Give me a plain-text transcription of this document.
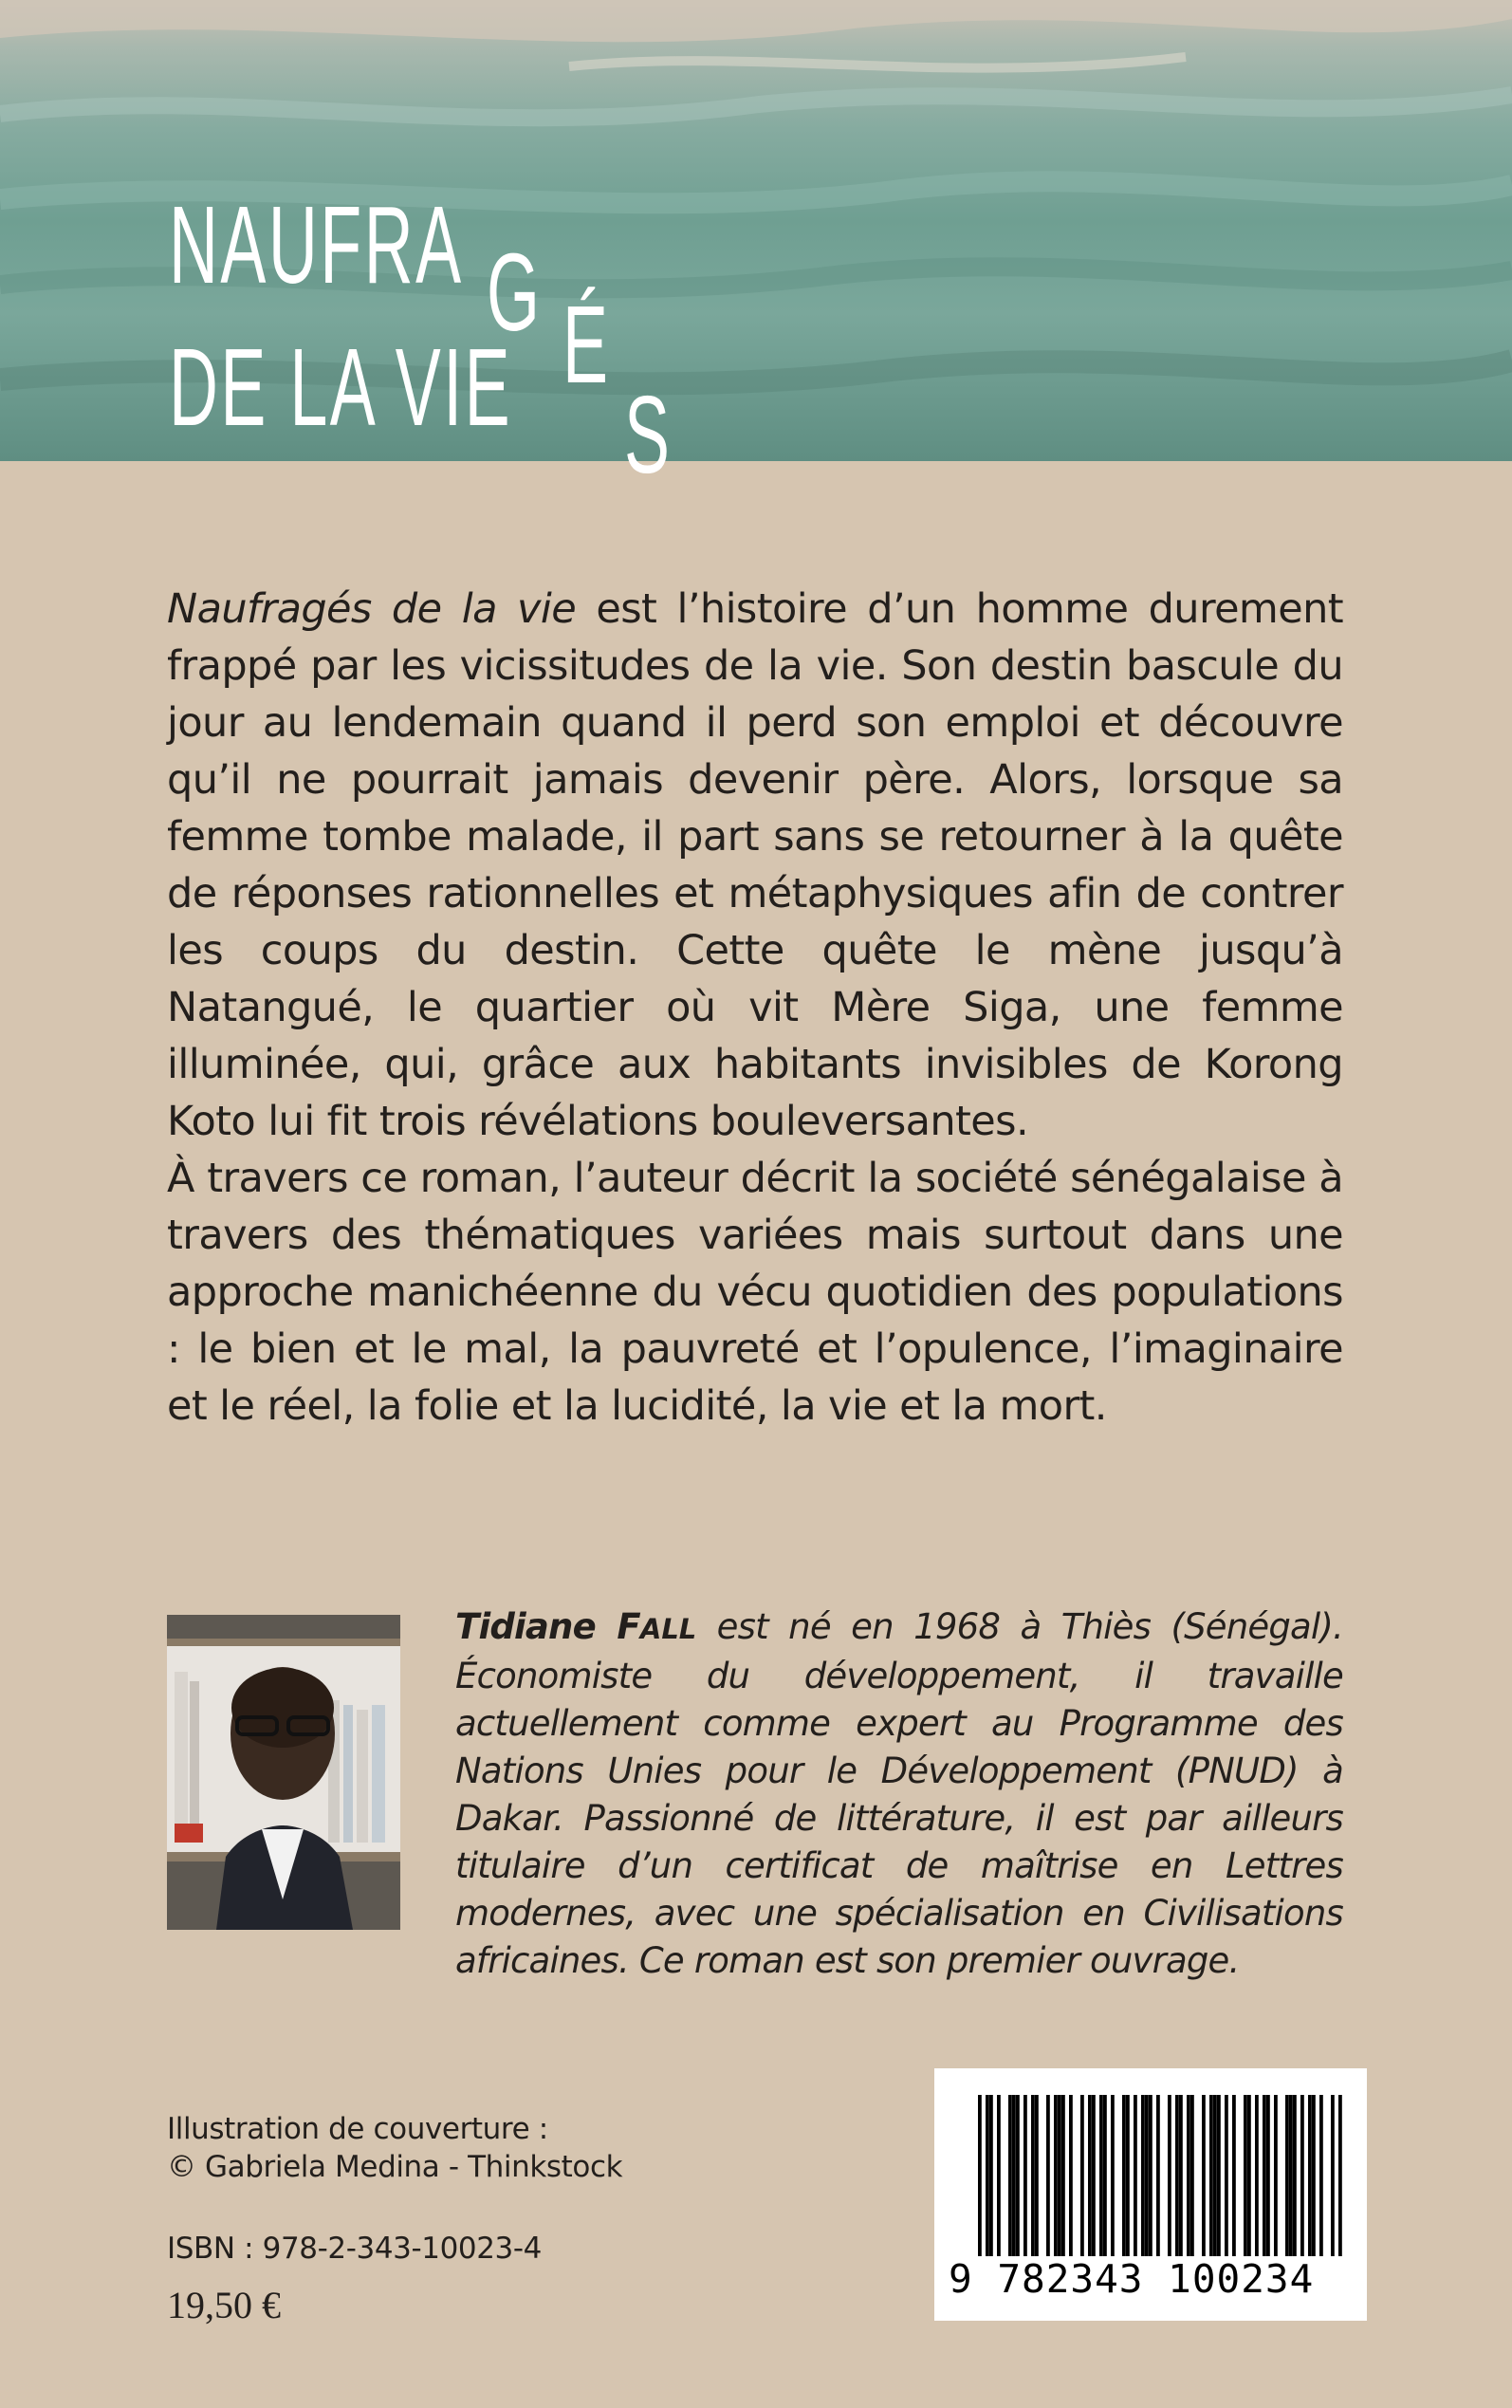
NAUFRA
DE LA VIE
G É
S

Naufragés de la vie est l’histoire d’un homme durement frappé par les vicissitudes de la vie. Son destin bascule du jour au lendemain quand il perd son emploi et découvre qu’il ne pourrait jamais devenir père. Alors, lorsque sa femme tombe malade, il part sans se retourner à la quête de réponses rationnelles et métaphysiques afin de contrer les coups du destin. Cette quête le mène jusqu’à Natangué, le quartier où vit Mère Siga, une femme illuminée, qui, grâce aux habitants invisibles de Korong Koto lui fit trois révélations bouleversantes.

À travers ce roman, l’auteur décrit la société sénégalaise à travers des thématiques variées mais surtout dans une approche manichéenne du vécu quotidien des populations : le bien et le mal, la pauvreté et l’opulence, l’imaginaire et le réel, la folie et la lucidité, la vie et la mort.

Tidiane FALL est né en 1968 à Thiès (Sénégal). Économiste du développement, il travaille actuellement comme expert au Programme des Nations Unies pour le Développement (PNUD) à Dakar. Passionné de littérature, il est par ailleurs titulaire d’un certificat de maîtrise en Lettres modernes, avec une spécialisation en Civilisations africaines. Ce roman est son premier ouvrage.
Illustration de couverture :
© Gabriela Medina - Thinkstock
ISBN : 978-2-343-10023-4
19,50 €
9 782343 100234
